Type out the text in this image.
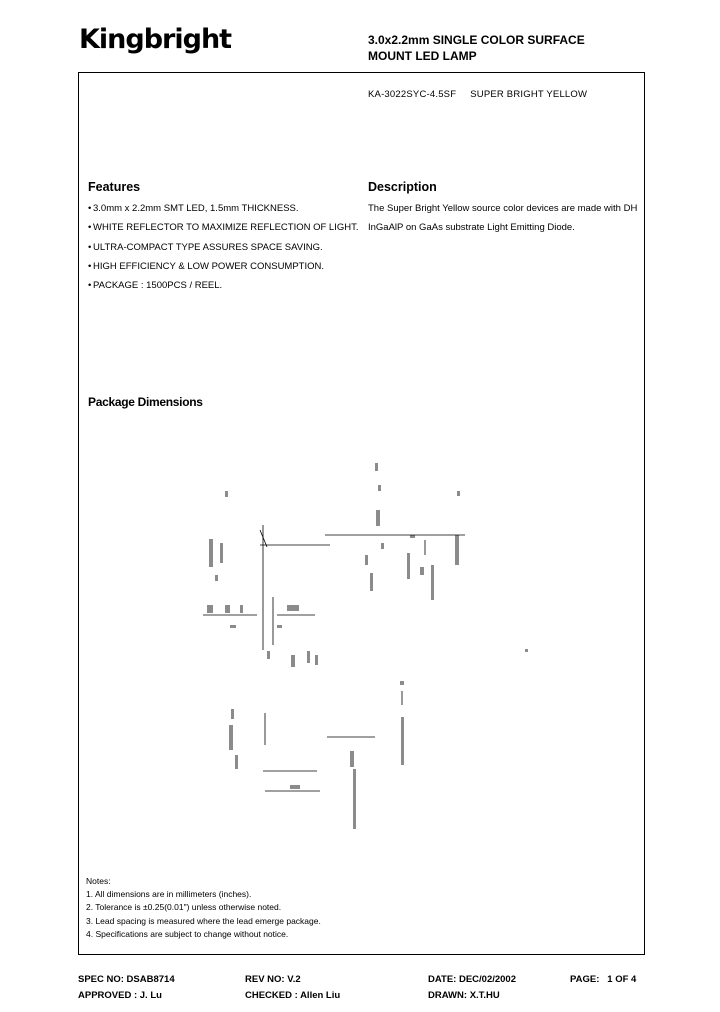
Kingbright	3.0x2.2mm SINGLE COLOR SURFACE
MOUNT LED LAMP
KA-3022SYC-4.5SF SUPER BRIGHT YELLOW
Features
• 3.0mm x 2.2mm SMT LED, 1.5mm THICKNESS.
• WHITE REFLECTOR TO MAXIMIZE REFLECTION OF LIGHT.
• ULTRA-COMPACT TYPE ASSURES SPACE SAVING.
• HIGH EFFICIENCY & LOW POWER CONSUMPTION.
• PACKAGE : 1500PCS / REEL.
Description
The Super Bright Yellow source color devices are made with DH InGaAlP on GaAs substrate Light Emitting Diode.
Package Dimensions
Notes:
1. All dimensions are in millimeters (inches).
2. Tolerance is ±0.25(0.01") unless otherwise noted.
3. Lead spacing is measured where the lead emerge package.
4. Specifications are subject to change without notice.
SPEC NO: DSAB8714	REV NO: V.2	DATE: DEC/02/2002	PAGE:   1 OF 4
APPROVED : J. Lu	CHECKED : Allen Liu	DRAWN: X.T.HU
